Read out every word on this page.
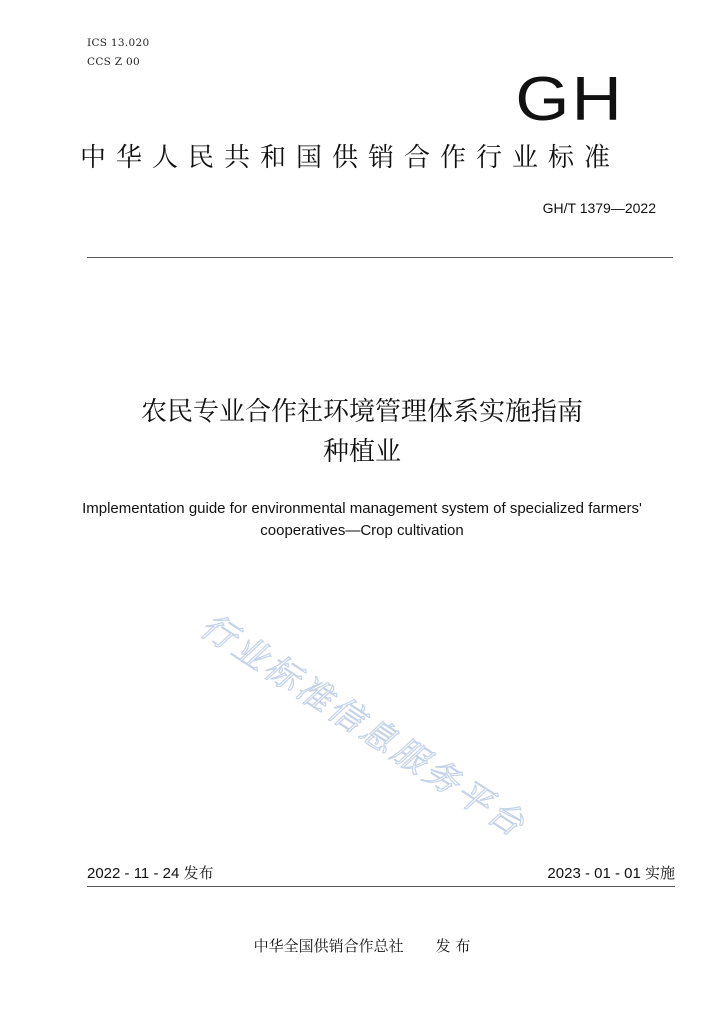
ICS 13.020
CCS Z 00
GH
中华人民共和国供销合作行业标准
GH/T 1379—2022
农民专业合作社环境管理体系实施指南
种植业
Implementation guide for environmental management system of specialized farmers'
cooperatives—Crop cultivation
行业标准信息服务平台
2022 - 11 - 24 发布	2023 - 01 - 01 实施
中华全国供销合作总社 发 布
